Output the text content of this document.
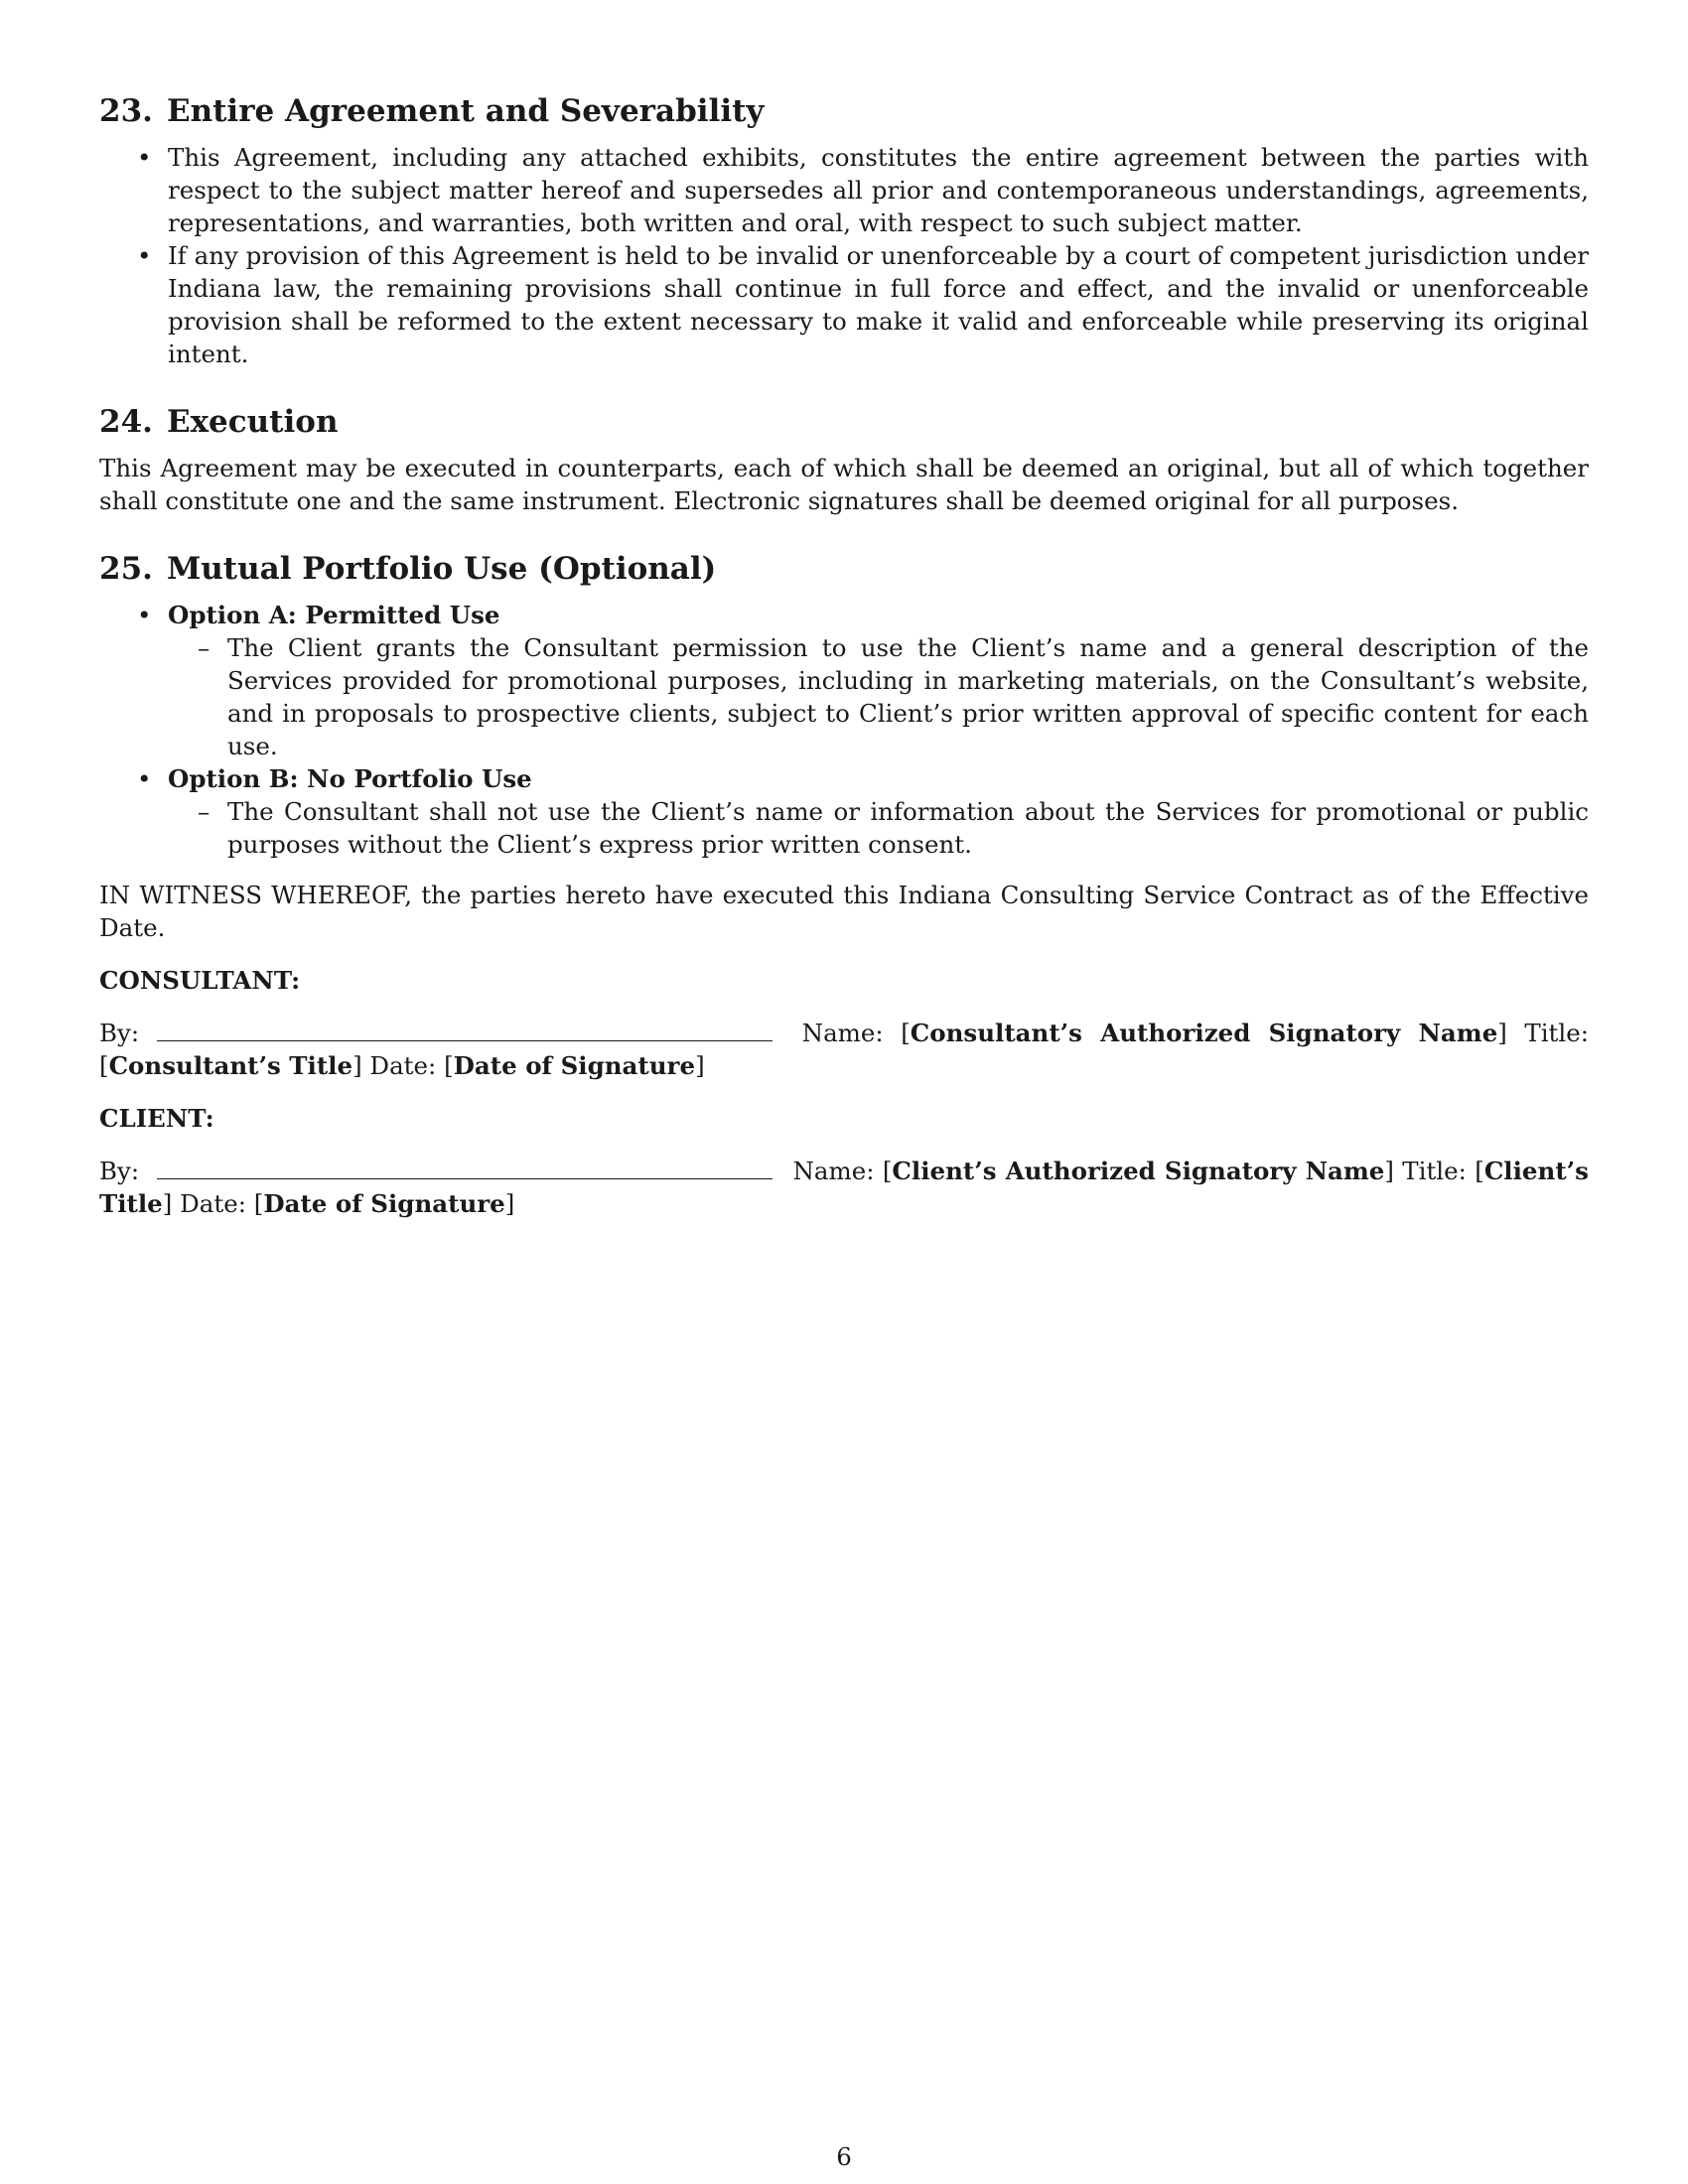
23. Entire Agreement and Severability
• This Agreement, including any attached exhibits, constitutes the entire agreement between the parties with respect to the subject matter hereof and supersedes all prior and contemporaneous understandings, agreements, representations, and warranties, both written and oral, with respect to such subject matter.
• If any provision of this Agreement is held to be invalid or unenforceable by a court of competent jurisdiction under Indiana law, the remaining provisions shall continue in full force and effect, and the invalid or unenforceable provision shall be reformed to the extent necessary to make it valid and enforceable while preserving its original intent.
24. Execution

This Agreement may be executed in counterparts, each of which shall be deemed an original, but all of which together shall constitute one and the same instrument. Electronic signatures shall be deemed original for all purposes.

25. Mutual Portfolio Use (Optional)
• Option A: Permitted Use
– The Client grants the Consultant permission to use the Client’s name and a general description of the Services provided for promotional purposes, including in marketing materials, on the Consultant’s website, and in proposals to prospective clients, subject to Client’s prior written approval of specific content for each use.
• Option B: No Portfolio Use
– The Consultant shall not use the Client’s name or information about the Services for promotional or public purposes without the Client’s express prior written consent.

IN WITNESS WHEREOF, the parties hereto have executed this Indiana Consulting Service Contract as of the Effective Date.

CONSULTANT:
By:	Name: [Consultant’s Authorized Signatory Name] Title: [Consultant’s Title] Date: [Date of Signature]
CLIENT:
By:	Name: [Client’s Authorized Signatory Name] Title: [Client’s Title] Date: [Date of Signature]
6
